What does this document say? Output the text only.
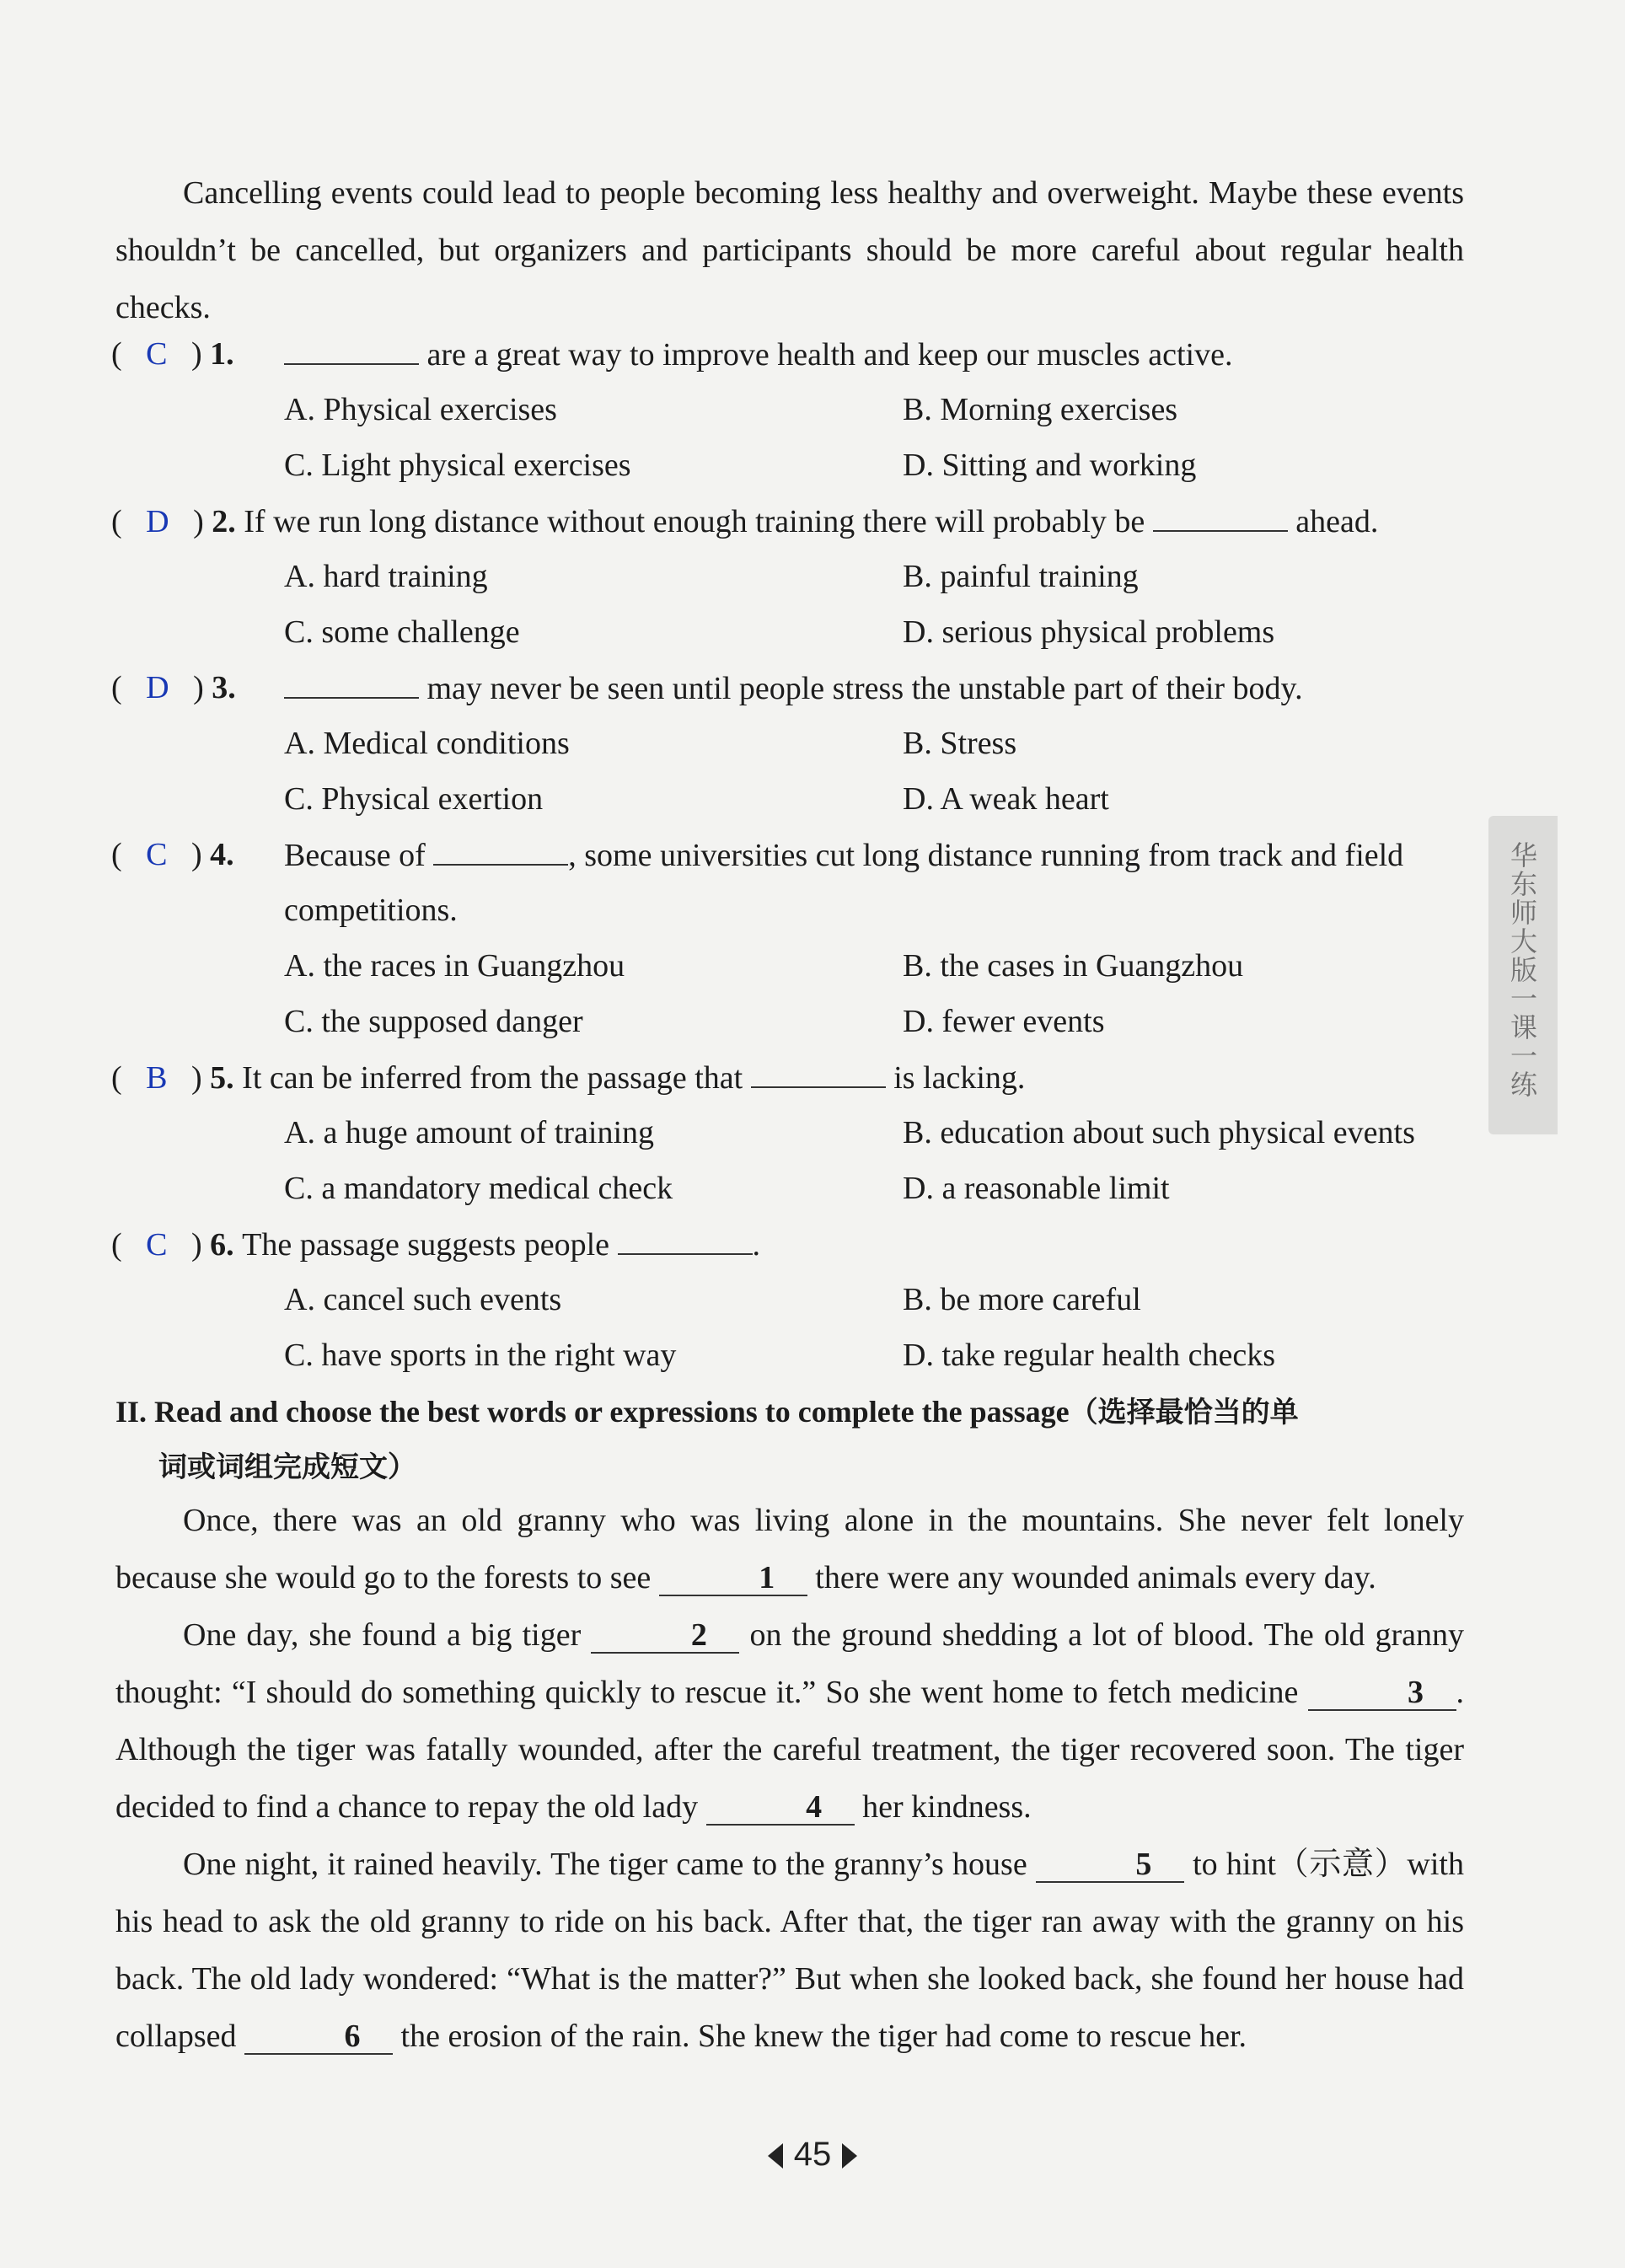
Cancelling events could lead to people becoming less healthy and overweight. Maybe these events shouldn’t be cancelled, but organizers and participants should be more careful about regular health checks.
(   C   ) 1.	are a great way to improve health and keep our muscles active.
A. Physical exercises	B. Morning exercises
C. Light physical exercises	D. Sitting and working
(   D   ) 2. If we run long distance without enough training there will probably be	ahead.
A. hard training	B. painful training
C. some challenge	D. serious physical problems
(   D   ) 3.	may never be seen until people stress the unstable part of their body.
A. Medical conditions	B. Stress
C. Physical exertion	D. A weak heart
(   C   ) 4. Because of	, some universities cut long distance running from track and field
competitions.
A. the races in Guangzhou	B. the cases in Guangzhou
C. the supposed danger	D. fewer events
(   B   ) 5. It can be inferred from the passage that	is lacking.
A. a huge amount of training	B. education about such physical events
C. a mandatory medical check	D. a reasonable limit
(   C   ) 6. The passage suggests people	.
A. cancel such events	B. be more careful
C. have sports in the right way	D. take regular health checks
II. Read and choose the best words or expressions to complete the passage（选择最恰当的单
词或词组完成短文）
Once, there was an old granny who was living alone in the mountains. She never felt lonely because she would go to the forests to see	1 there were any wounded animals every day.
One day, she found a big tiger	2 on the ground shedding a lot of blood. The old granny thought: “I should do something quickly to rescue it.” So she went home to fetch medicine	3 . Although the tiger was fatally wounded, after the careful treatment, the tiger recovered soon. The tiger decided to find a chance to repay the old lady	4 her kindness.
One night, it rained heavily. The tiger came to the granny’s house	5 to hint（示意）with his head to ask the old granny to ride on his back. After that, the tiger ran away with the granny on his back. The old lady wondered: “What is the matter?” But when she looked back, she found her house had collapsed	6 the erosion of the rain. She knew the tiger had come to rescue her.
华东师大版一课一练
45
